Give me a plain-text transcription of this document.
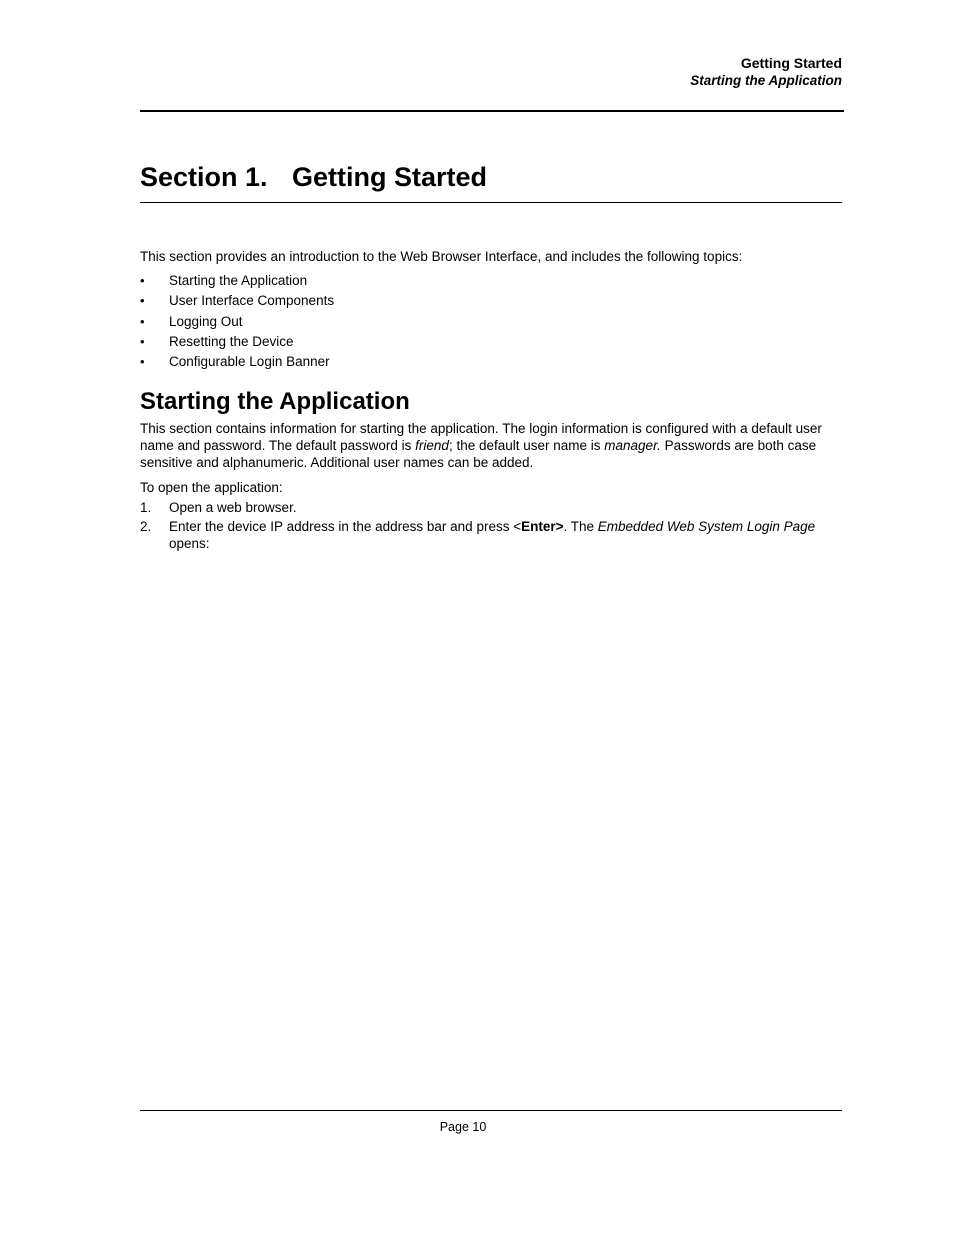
Getting Started
Starting the Application
Section 1. Getting Started

This section provides an introduction to the Web Browser Interface, and includes the following topics:

• Starting the Application
• User Interface Components
• Logging Out
• Resetting the Device
• Configurable Login Banner
Starting the Application

This section contains information for starting the application. The login information is configured with a default user name and password. The default password is friend; the default user name is manager. Passwords are both case sensitive and alphanumeric. Additional user names can be added.

To open the application:

1. Open a web browser.
2. Enter the device IP address in the address bar and press <Enter>. The Embedded Web System Login Page opens:
Page 10
